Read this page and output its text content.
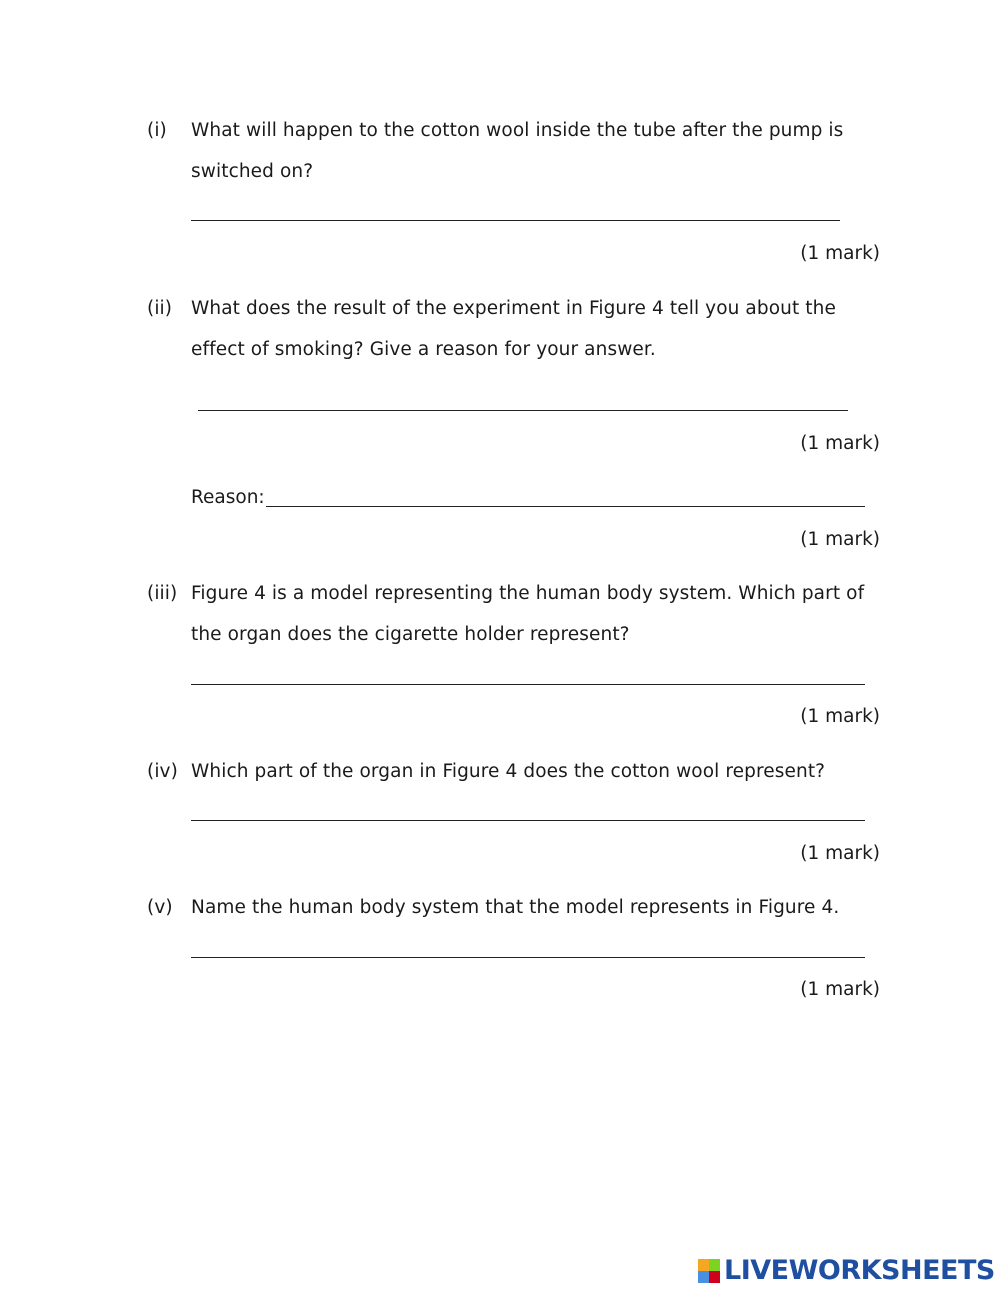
(i) What will happen to the cotton wool inside the tube after the pump is
switched on?
(1 mark)
(ii) What does the result of the experiment in Figure 4 tell you about the
effect of smoking? Give a reason for your answer.
(1 mark)
Reason:
(1 mark)
(iii) Figure 4 is a model representing the human body system. Which part of
the organ does the cigarette holder represent?
(1 mark)
(iv) Which part of the organ in Figure 4 does the cotton wool represent?
(1 mark)
(v) Name the human body system that the model represents in Figure 4.
(1 mark)
LIVEWORKSHEETS
